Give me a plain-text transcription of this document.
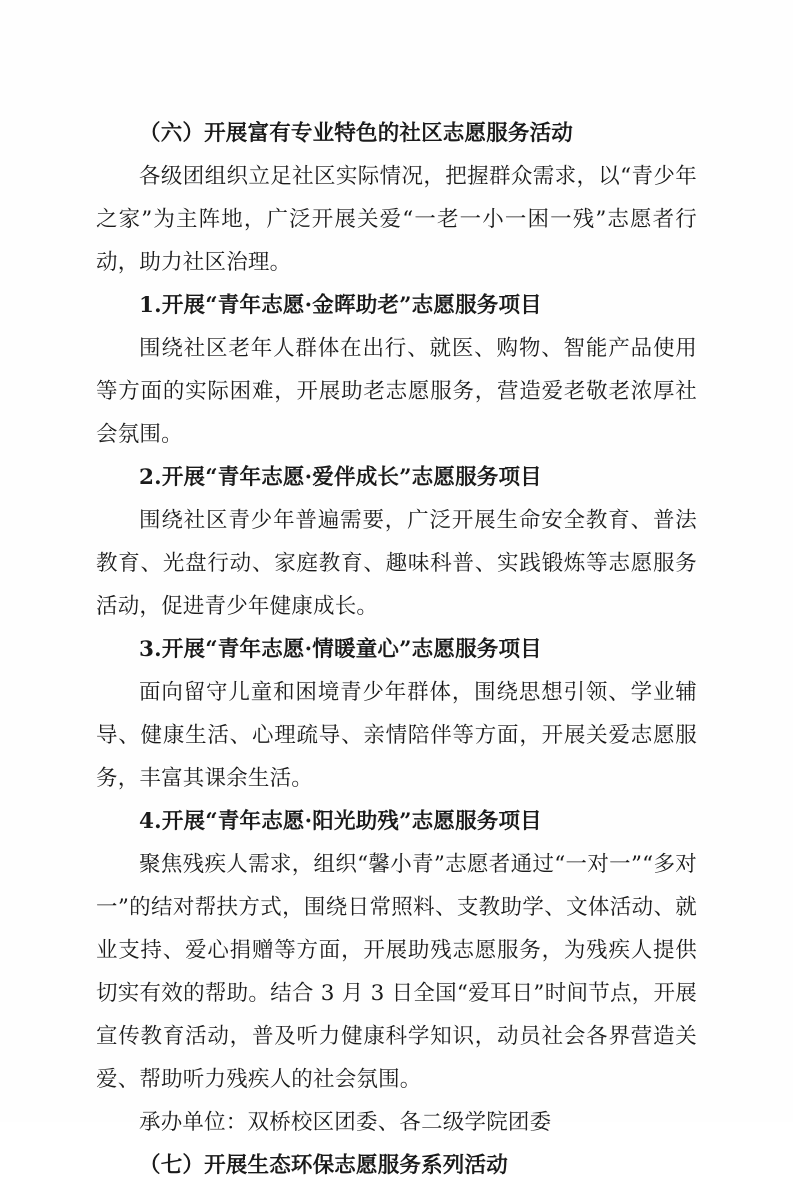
（六）开展富有专业特色的社区志愿服务活动

各级团组织立足社区实际情况，把握群众需求，以“青少年之家”为主阵地，广泛开展关爱“一老一小一困一残”志愿者行动，助力社区治理。

1.开展“青年志愿·金晖助老”志愿服务项目

围绕社区老年人群体在出行、就医、购物、智能产品使用等方面的实际困难，开展助老志愿服务，营造爱老敬老浓厚社会氛围。

2.开展“青年志愿·爱伴成长”志愿服务项目

围绕社区青少年普遍需要，广泛开展生命安全教育、普法教育、光盘行动、家庭教育、趣味科普、实践锻炼等志愿服务活动，促进青少年健康成长。

3.开展“青年志愿·情暖童心”志愿服务项目

面向留守儿童和困境青少年群体，围绕思想引领、学业辅导、健康生活、心理疏导、亲情陪伴等方面，开展关爱志愿服务，丰富其课余生活。

4.开展“青年志愿·阳光助残”志愿服务项目

聚焦残疾人需求，组织“馨小青”志愿者通过“一对一”“多对一”的结对帮扶方式，围绕日常照料、支教助学、文体活动、就业支持、爱心捐赠等方面，开展助残志愿服务，为残疾人提供切实有效的帮助。结合 3 月 3 日全国“爱耳日”时间节点，开展宣传教育活动，普及听力健康科学知识，动员社会各界营造关爱、帮助听力残疾人的社会氛围。

承办单位：双桥校区团委、各二级学院团委

（七）开展生态环保志愿服务系列活动
